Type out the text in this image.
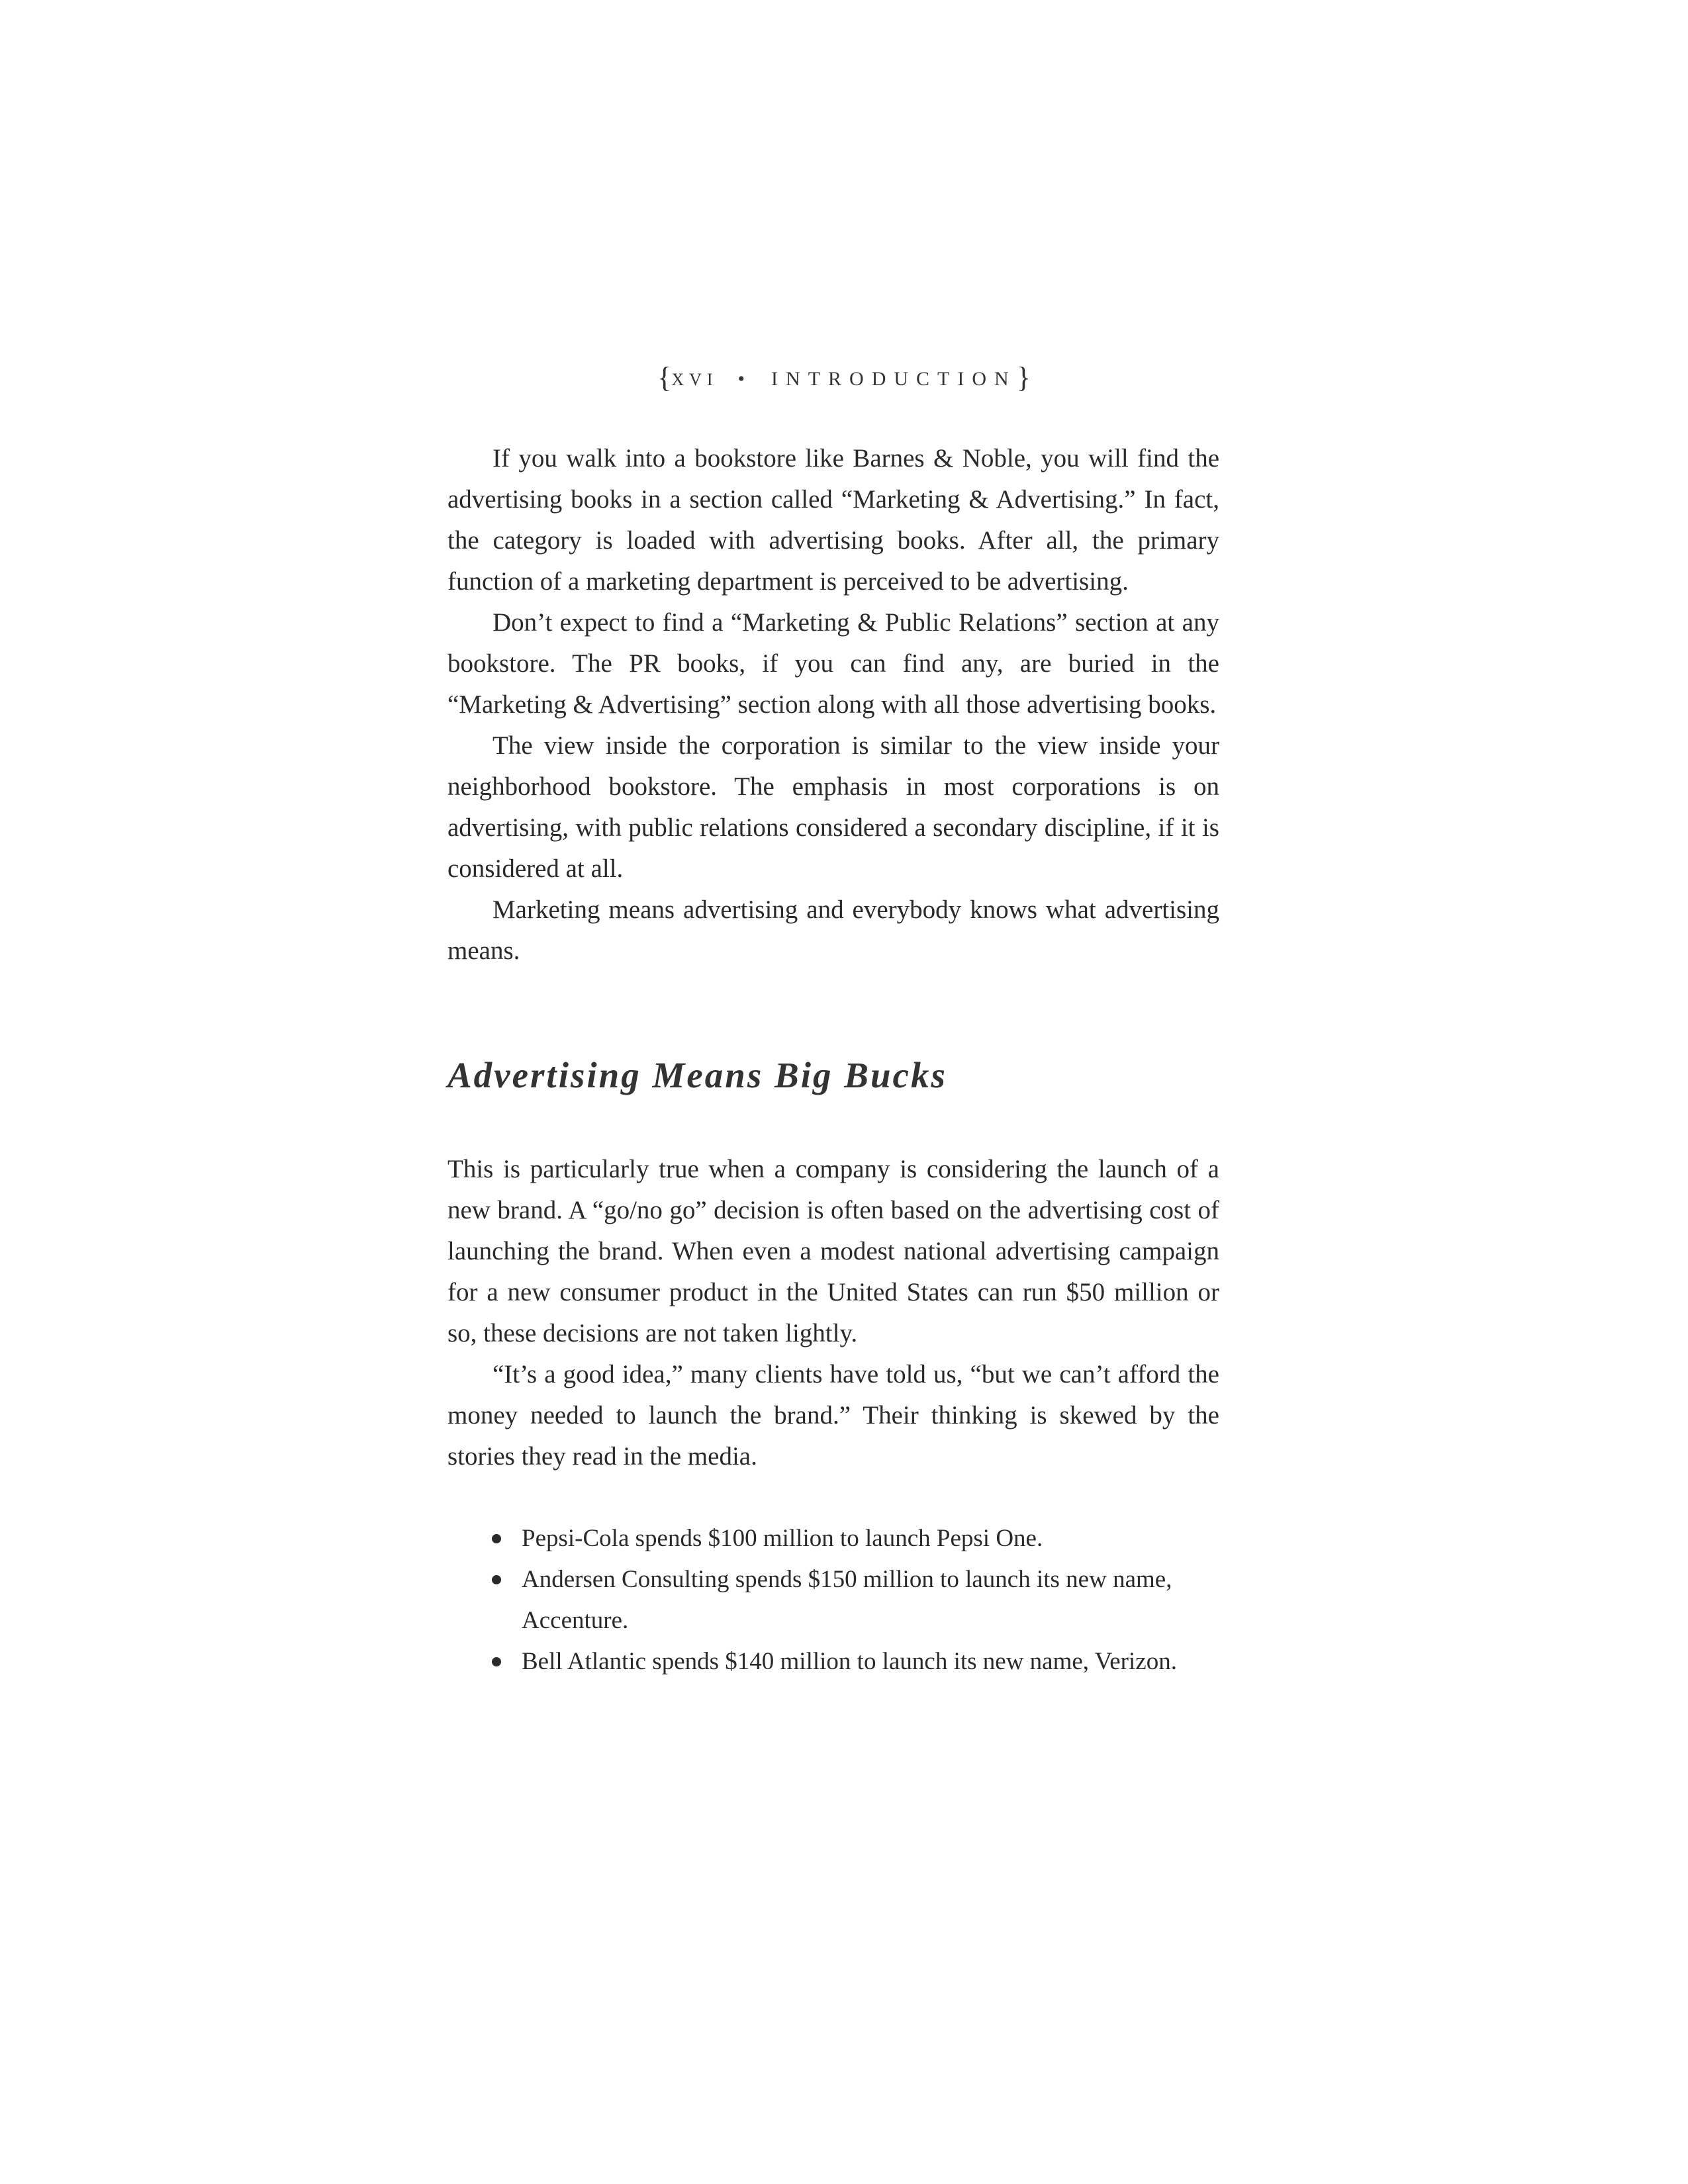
{XVI • INTRODUCTION}

If you walk into a bookstore like Barnes & Noble, you will find the advertising books in a section called “Marketing & Advertising.” In fact, the category is loaded with advertising books. After all, the primary function of a marketing department is perceived to be advertising.

Don’t expect to find a “Marketing & Public Relations” section at any bookstore. The PR books, if you can find any, are buried in the “Marketing & Advertising” section along with all those advertising books.

The view inside the corporation is similar to the view inside your neighborhood bookstore. The emphasis in most corporations is on advertising, with public relations considered a secondary discipline, if it is considered at all.

Marketing means advertising and everybody knows what advertising means.

Advertising Means Big Bucks

This is particularly true when a company is considering the launch of a new brand. A “go/no go” decision is often based on the advertising cost of launching the brand. When even a modest national advertising campaign for a new consumer product in the United States can run $50 million or so, these decisions are not taken lightly.

“It’s a good idea,” many clients have told us, “but we can’t afford the money needed to launch the brand.” Their thinking is skewed by the stories they read in the media.

Pepsi-Cola spends $100 million to launch Pepsi One.
Andersen Consulting spends $150 million to launch its new name, Accenture.
Bell Atlantic spends $140 million to launch its new name, Verizon.
